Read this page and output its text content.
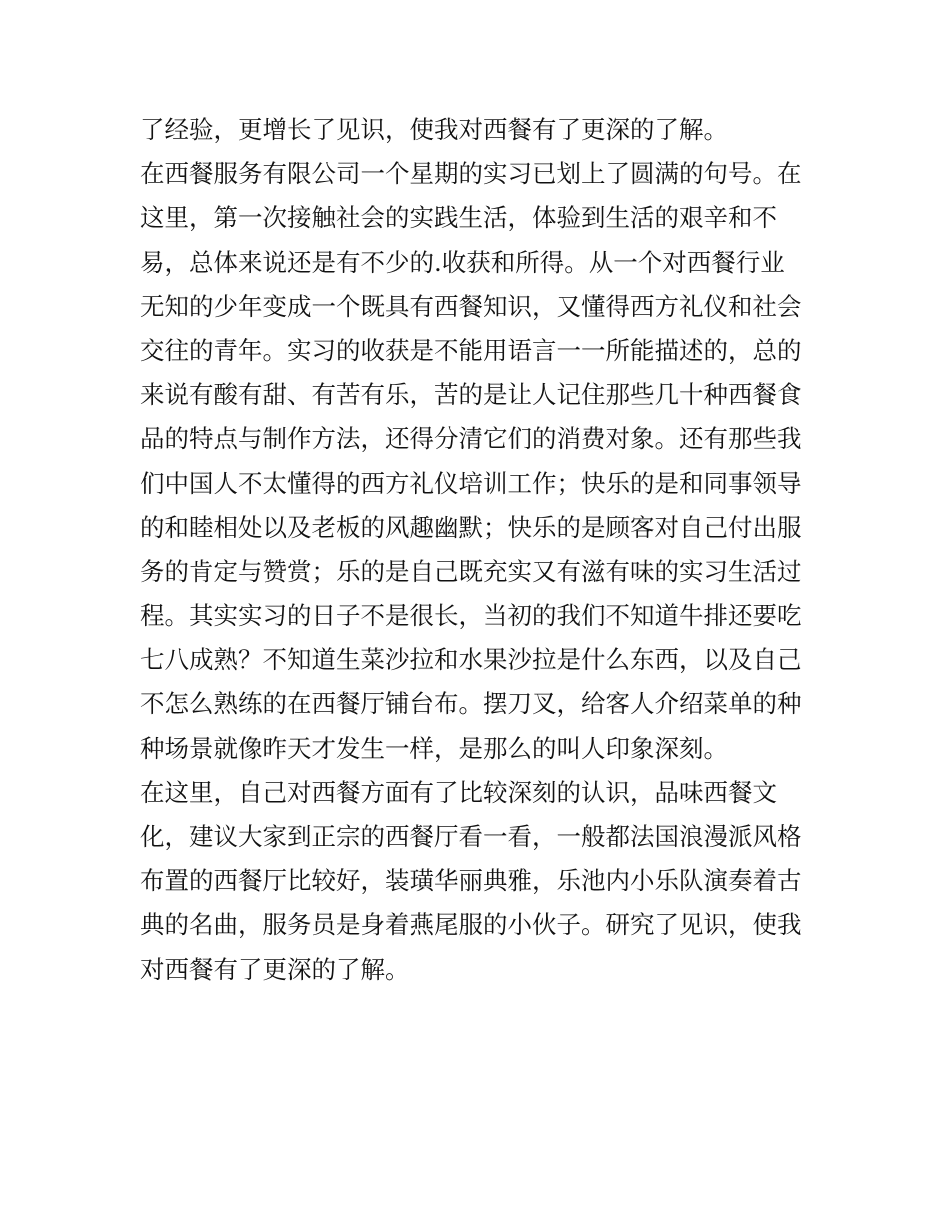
了经验，更增长了见识，使我对西餐有了更深的了解。
在西餐服务有限公司一个星期的实习已划上了圆满的句号。在
这里，第一次接触社会的实践生活，体验到生活的艰辛和不
易，总体来说还是有不少的.收获和所得。从一个对西餐行业
无知的少年变成一个既具有西餐知识，又懂得西方礼仪和社会
交往的青年。实习的收获是不能用语言一一所能描述的，总的
来说有酸有甜、有苦有乐，苦的是让人记住那些几十种西餐食
品的特点与制作方法，还得分清它们的消费对象。还有那些我
们中国人不太懂得的西方礼仪培训工作；快乐的是和同事领导
的和睦相处以及老板的风趣幽默；快乐的是顾客对自己付出服
务的肯定与赞赏；乐的是自己既充实又有滋有味的实习生活过
程。其实实习的日子不是很长，当初的我们不知道牛排还要吃
七八成熟？不知道生菜沙拉和水果沙拉是什么东西，以及自己
不怎么熟练的在西餐厅铺台布。摆刀叉，给客人介绍菜单的种
种场景就像昨天才发生一样，是那么的叫人印象深刻。
在这里，自己对西餐方面有了比较深刻的认识，品味西餐文
化，建议大家到正宗的西餐厅看一看，一般都法国浪漫派风格
布置的西餐厅比较好，装璜华丽典雅，乐池内小乐队演奏着古
典的名曲，服务员是身着燕尾服的小伙子。研究了见识，使我
对西餐有了更深的了解。
